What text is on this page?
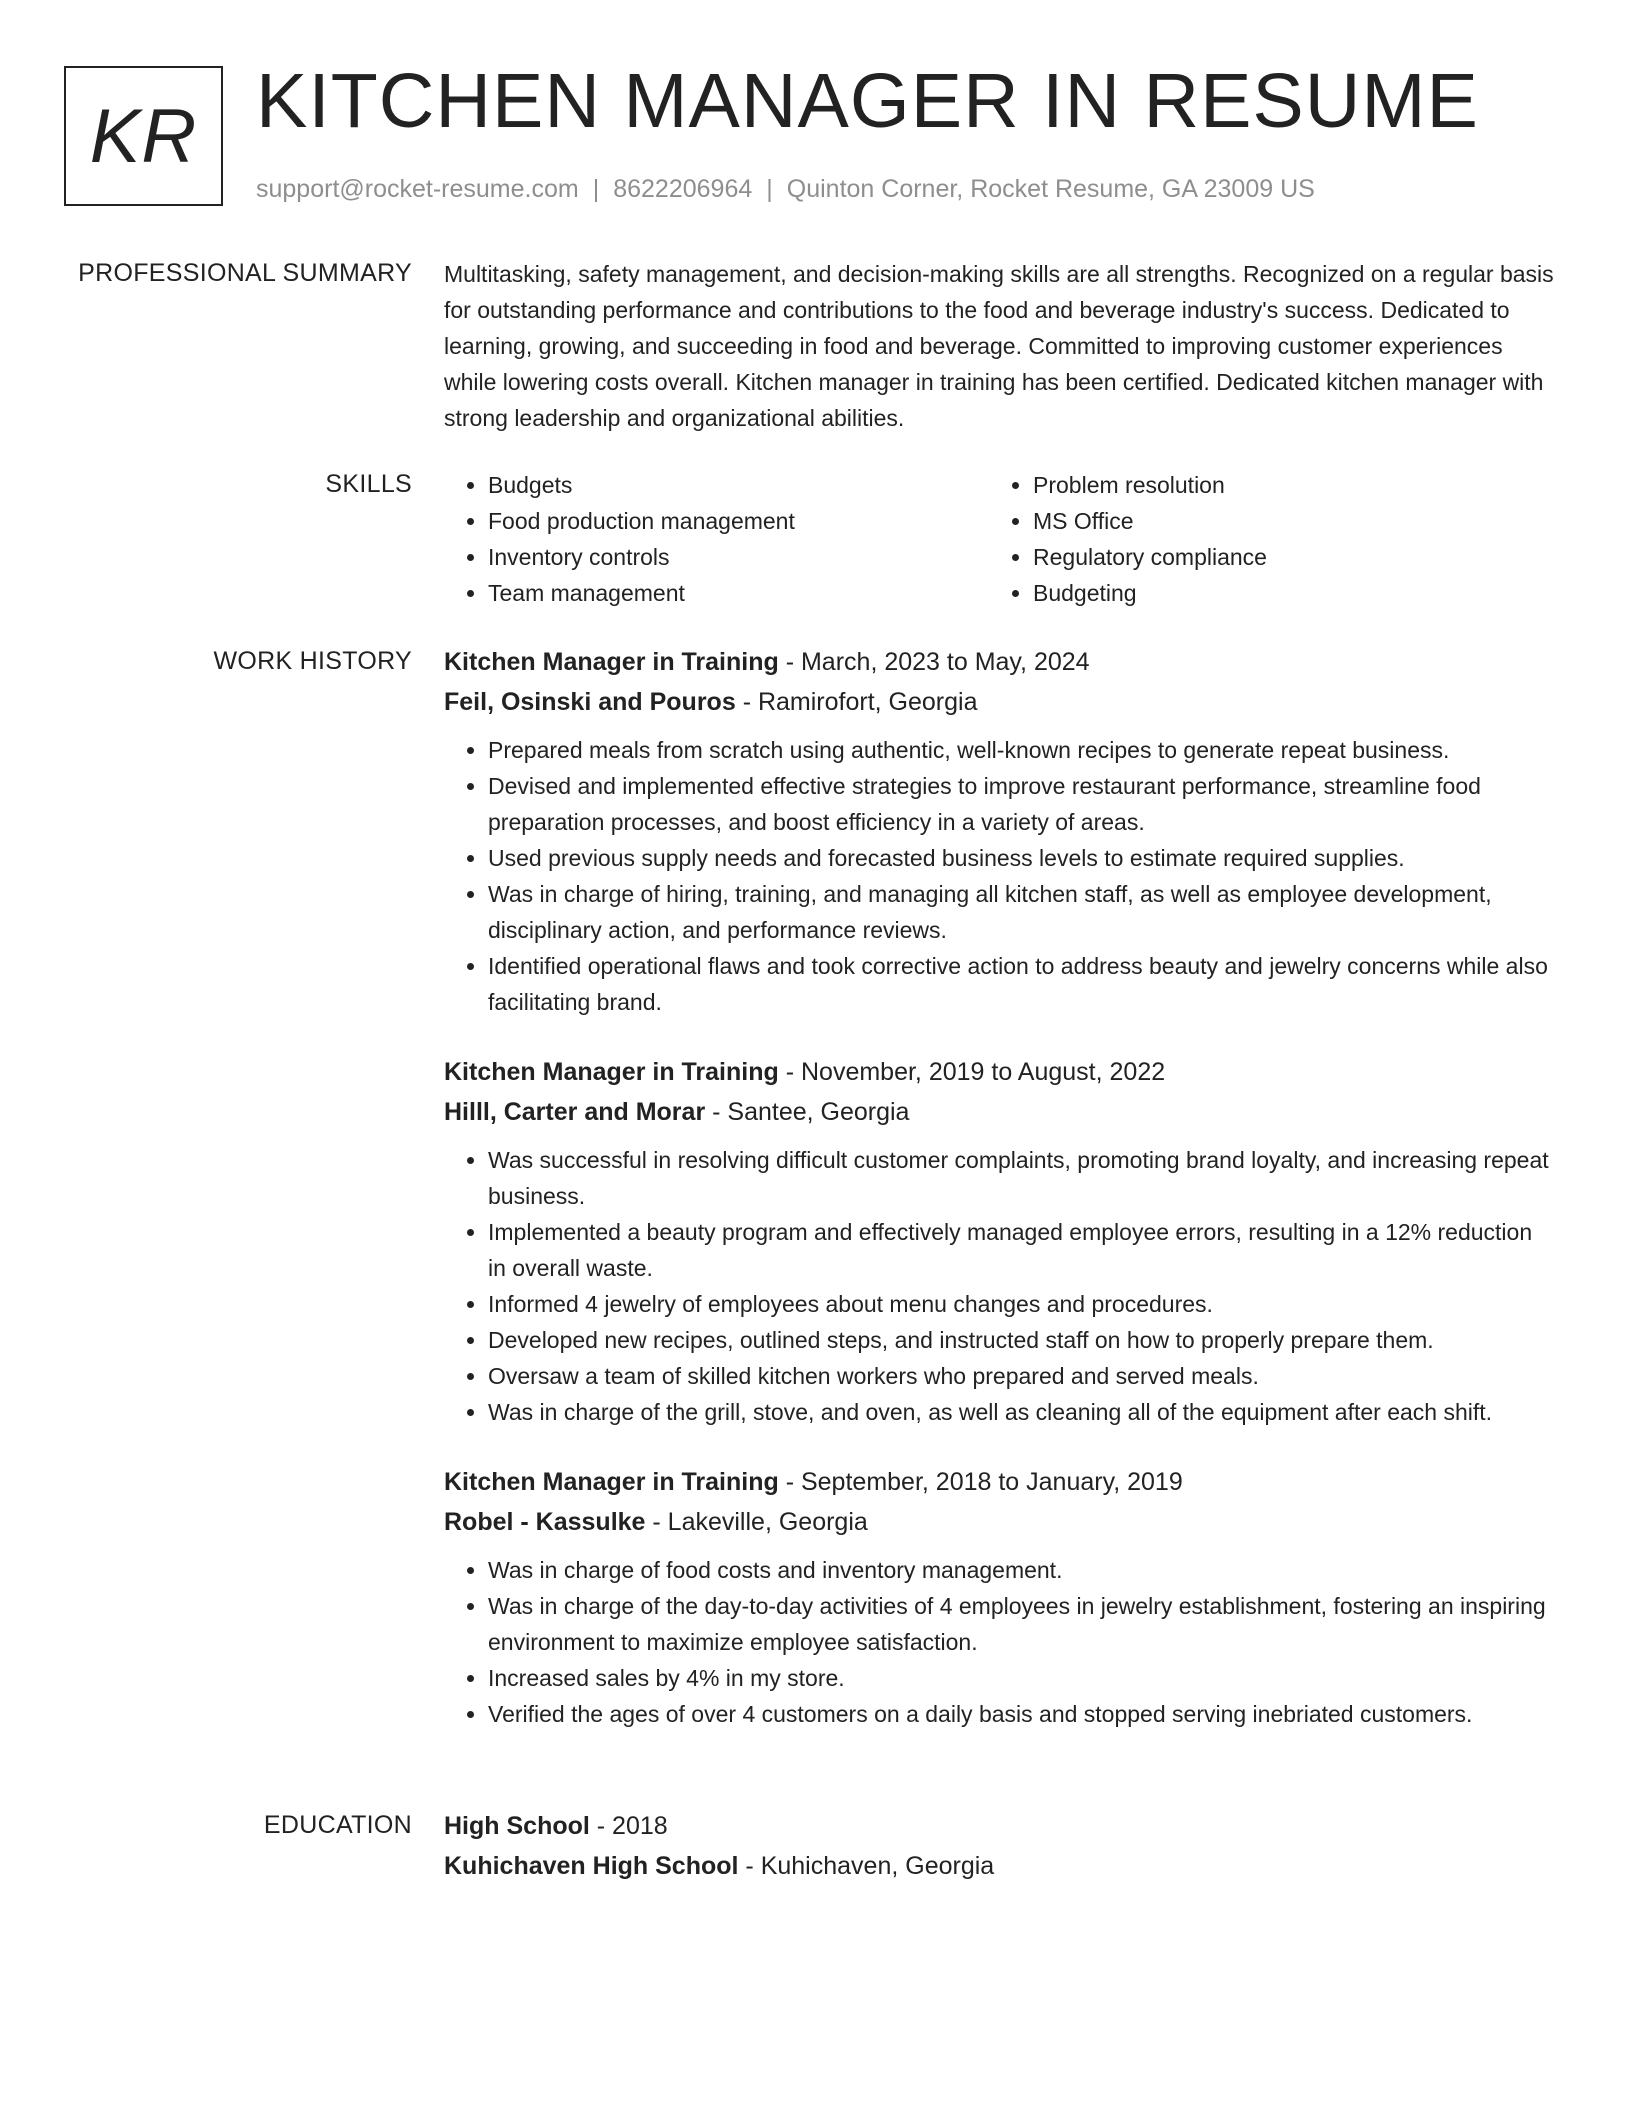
KR KITCHEN MANAGER IN RESUME
support@rocket-resume.com | 8622206964 | Quinton Corner, Rocket Resume, GA 23009 US
PROFESSIONAL SUMMARY Multitasking, safety management, and decision-making skills are all strengths. Recognized on a regular basis for outstanding performance and contributions to the food and beverage industry's success. Dedicated to learning, growing, and succeeding in food and beverage. Committed to improving customer experiences while lowering costs overall. Kitchen manager in training has been certified. Dedicated kitchen manager with strong leadership and organizational abilities.

SKILLS
•	Budgets
• Food production management
• Inventory controls
• Team management
• Problem resolution
• MS Office
• Regulatory compliance
• Budgeting
WORK HISTORY Kitchen Manager in Training - March, 2023 to May, 2024
Feil, Osinski and Pouros - Ramirofort, Georgia
• Prepared meals from scratch using authentic, well-known recipes to generate repeat business.
• Devised and implemented effective strategies to improve restaurant performance, streamline food preparation processes, and boost efficiency in a variety of areas.
• Used previous supply needs and forecasted business levels to estimate required supplies.
• Was in charge of hiring, training, and managing all kitchen staff, as well as employee development, disciplinary action, and performance reviews.
• Identified operational flaws and took corrective action to address beauty and jewelry concerns while also facilitating brand.
Kitchen Manager in Training - November, 2019 to August, 2022
Hilll, Carter and Morar - Santee, Georgia
• Was successful in resolving difficult customer complaints, promoting brand loyalty, and increasing repeat business.
• Implemented a beauty program and effectively managed employee errors, resulting in a 12% reduction in overall waste.
• Informed 4 jewelry of employees about menu changes and procedures.
• Developed new recipes, outlined steps, and instructed staff on how to properly prepare them.
• Oversaw a team of skilled kitchen workers who prepared and served meals.
• Was in charge of the grill, stove, and oven, as well as cleaning all of the equipment after each shift.
Kitchen Manager in Training - September, 2018 to January, 2019
Robel - Kassulke - Lakeville, Georgia
• Was in charge of food costs and inventory management.
• Was in charge of the day-to-day activities of 4 employees in jewelry establishment, fostering an inspiring environment to maximize employee satisfaction.
• Increased sales by 4% in my store.
• Verified the ages of over 4 customers on a daily basis and stopped serving inebriated customers.
EDUCATION High School - 2018
Kuhichaven High School - Kuhichaven, Georgia
